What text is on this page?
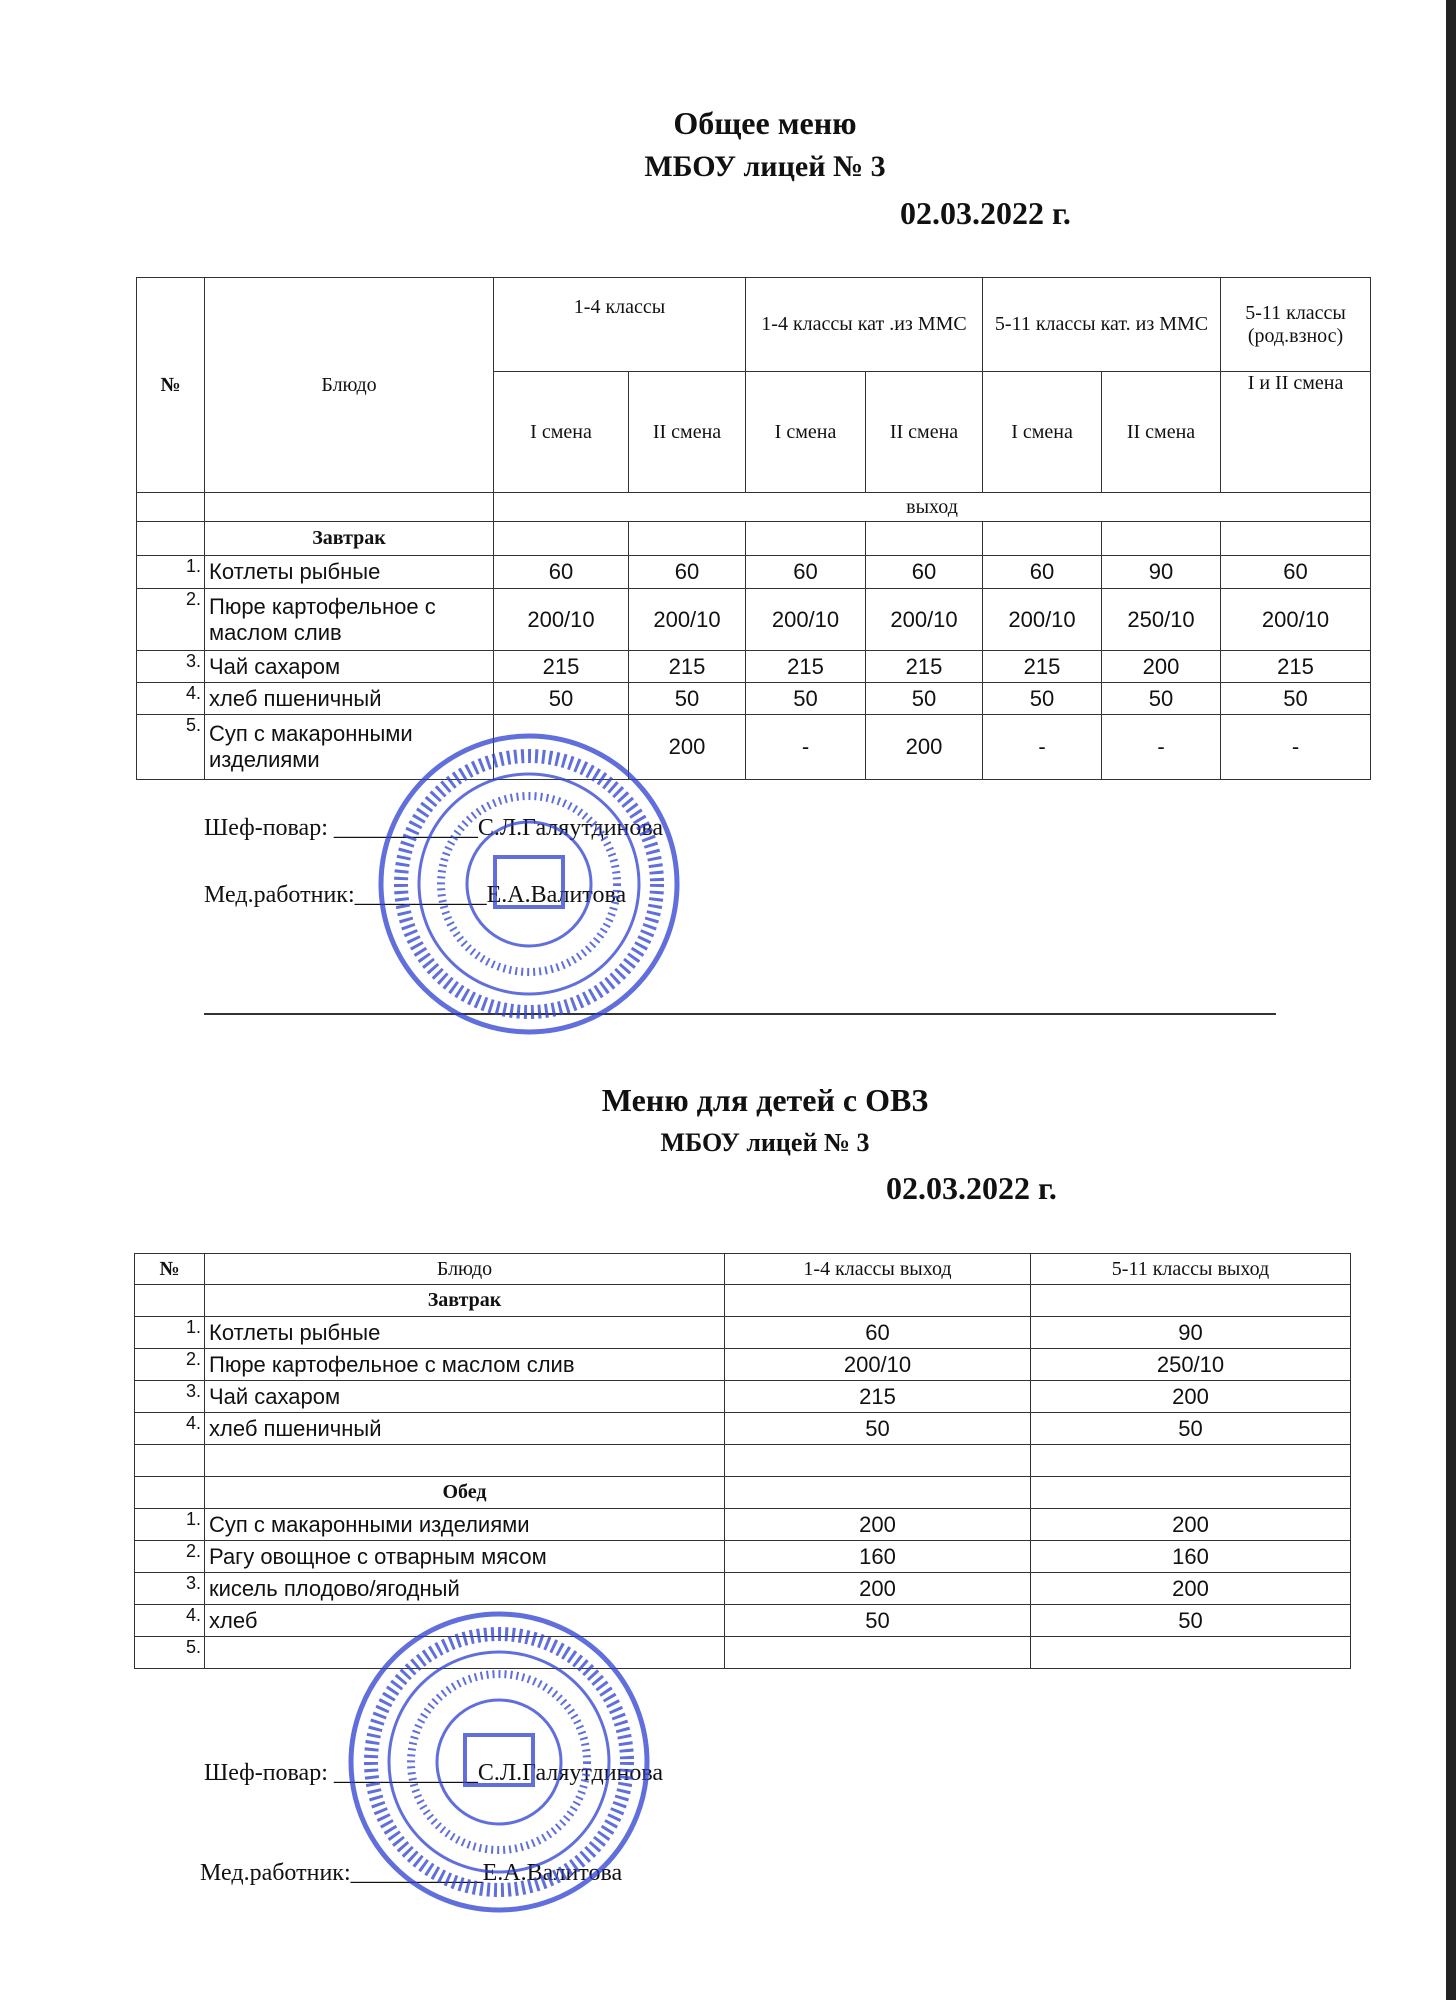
Общее меню
МБОУ лицей № 3
02.03.2022 г.
№	Блюдо	1-4 классы		1-4 классы кат .из ММС		5-11 классы кат. из ММС		5-11 классы (род.взнос)
		I смена	II смена	I смена	II смена	I смена	II смена	I и II смена
		выход						
	Завтрак							
1.	Котлеты рыбные	60	60	60	60	60	90	60
2.	Пюре картофельное с маслом слив	200/10	200/10	200/10	200/10	200/10	250/10	200/10
3.	Чай сахаром	215	215	215	215	215	200	215
4.	хлеб пшеничный	50	50	50	50	50	50	50
5.	Суп с макаронными изделиями		200	-	200	-	-	-
Шеф-повар: ____________С.Л.Галяутдинова
Мед.работник:___________Е.А.Валитова
Меню для детей с ОВЗ
МБОУ лицей № 3
02.03.2022 г.
№	Блюдо	1-4 классы выход	5-11 классы выход
	Завтрак		
1.	Котлеты рыбные	60	90
2.	Пюре картофельное с маслом слив	200/10	250/10
3.	Чай сахаром	215	200
4.	хлеб пшеничный	50	50

	Обед		
1.	Суп с макаронными изделиями	200	200
2.	Рагу овощное с отварным мясом	160	160
3.	кисель плодово/ягодный	200	200
4.	хлеб	50	50
5.			
Шеф-повар: ____________С.Л.Галяутдинова
Мед.работник:___________Е.А.Валитова
